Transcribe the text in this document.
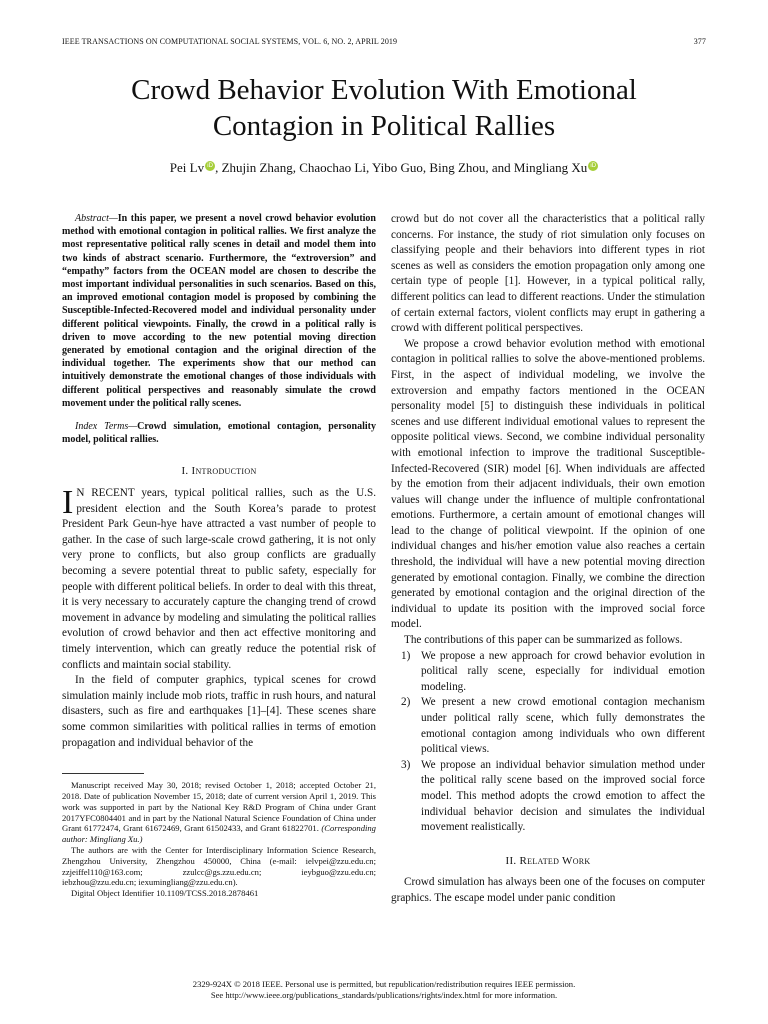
IEEE TRANSACTIONS ON COMPUTATIONAL SOCIAL SYSTEMS, VOL. 6, NO. 2, APRIL 2019	377
Crowd Behavior Evolution With Emotional
Contagion in Political Rallies
Pei Lv iD , Zhujin Zhang, Chaochao Li, Yibo Guo, Bing Zhou, and Mingliang Xu iD

Abstract—In this paper, we present a novel crowd behavior evolution method with emotional contagion in political rallies. We first analyze the most representative political rally scenes in detail and model them into two kinds of abstract scenario. Furthermore, the “extroversion” and “empathy” factors from the OCEAN model are chosen to describe the most important individual personalities in such scenarios. Based on this, an improved emotional contagion model is proposed by combining the Susceptible-Infected-Recovered model and individual personality under different political viewpoints. Finally, the crowd in a political rally is driven to move according to the new potential moving direction generated by emotional contagion and the original direction of the individual together. The experiments show that our method can intuitively demonstrate the emotional changes of those individuals with different political perspectives and reasonably simulate the crowd movement under the political rally scenes.

Index Terms—Crowd simulation, emotional contagion, personality model, political rallies.

I. Introduction
I N RECENT years, typical political rallies, such as the U.S. president election and the South Korea’s parade to protest President Park Geun-hye have attracted a vast number of people to gather. In the case of such large-scale crowd gathering, it is not only very prone to conflicts, but also group conflicts are gradually becoming a severe potential threat to public safety, especially for people with different political beliefs. In order to deal with this threat, it is very necessary to accurately capture the changing trend of crowd movement in advance by modeling and simulating the political rallies evolution of crowd behavior and then act effective monitoring and timely intervention, which can greatly reduce the potential risk of conflicts and maintain social stability.

In the field of computer graphics, typical scenes for crowd simulation mainly include mob riots, traffic in rush hours, and natural disasters, such as fire and earthquakes [1]–[4]. These scenes share some common similarities with political rallies in terms of emotion propagation and individual behavior of the

Manuscript received May 30, 2018; revised October 1, 2018; accepted October 21, 2018. Date of publication November 15, 2018; date of current version April 1, 2019. This work was supported in part by the National Key R&D Program of China under Grant 2017YFC0804401 and in part by the National Natural Science Foundation of China under Grant 61772474, Grant 61672469, Grant 61502433, and Grant 61822701. (Corresponding author: Mingliang Xu.)

The authors are with the Center for Interdisciplinary Information Science Research, Zhengzhou University, Zhengzhou 450000, China (e-mail: ielvpei@zzu.edu.cn; zzjeiffel110@163.com; zzulcc@gs.zzu.edu.cn; ieybguo@zzu.edu.cn; iebzhou@zzu.edu.cn; iexumingliang@zzu.edu.cn).

Digital Object Identifier 10.1109/TCSS.2018.2878461

crowd but do not cover all the characteristics that a political rally concerns. For instance, the study of riot simulation only focuses on classifying people and their behaviors into different types in riot scenes as well as considers the emotion propagation only among one certain type of people [1]. However, in a typical political rally, different politics can lead to different reactions. Under the stimulation of certain external factors, violent conflicts may erupt in gathering a crowd with different political perspectives.

We propose a crowd behavior evolution method with emotional contagion in political rallies to solve the above-mentioned problems. First, in the aspect of individual modeling, we involve the extroversion and empathy factors mentioned in the OCEAN personality model [5] to distinguish these individuals in political scenes and use different individual emotional values to represent the opposite political views. Second, we combine individual personality with emotional infection to improve the traditional Susceptible-Infected-Recovered (SIR) model [6]. When individuals are affected by the emotion from their adjacent individuals, their own emotion values will change under the influence of multiple confrontational emotions. Furthermore, a certain amount of emotional changes will lead to the change of political viewpoint. If the opinion of one individual changes and his/her emotion value also reaches a certain threshold, the individual will have a new potential moving direction generated by emotional contagion. Finally, we combine the direction generated by emotional contagion and the original direction of the individual to update its position with the improved social force model.

The contributions of this paper can be summarized as follows.

1) We propose a new approach for crowd behavior evolution in political rally scene, especially for individual emotion modeling.
2) We present a new crowd emotional contagion mechanism under political rally scene, which fully demonstrates the emotional contagion among individuals who own different political views.
3) We propose an individual behavior simulation method under the political rally scene based on the improved social force model. This method adopts the crowd emotion to affect the individual behavior decision and simulates the individual movement realistically.
II. Related Work

Crowd simulation has always been one of the focuses on computer graphics. The escape model under panic condition

2329-924X © 2018 IEEE. Personal use is permitted, but republication/redistribution requires IEEE permission.
See http://www.ieee.org/publications_standards/publications/rights/index.html for more information.
